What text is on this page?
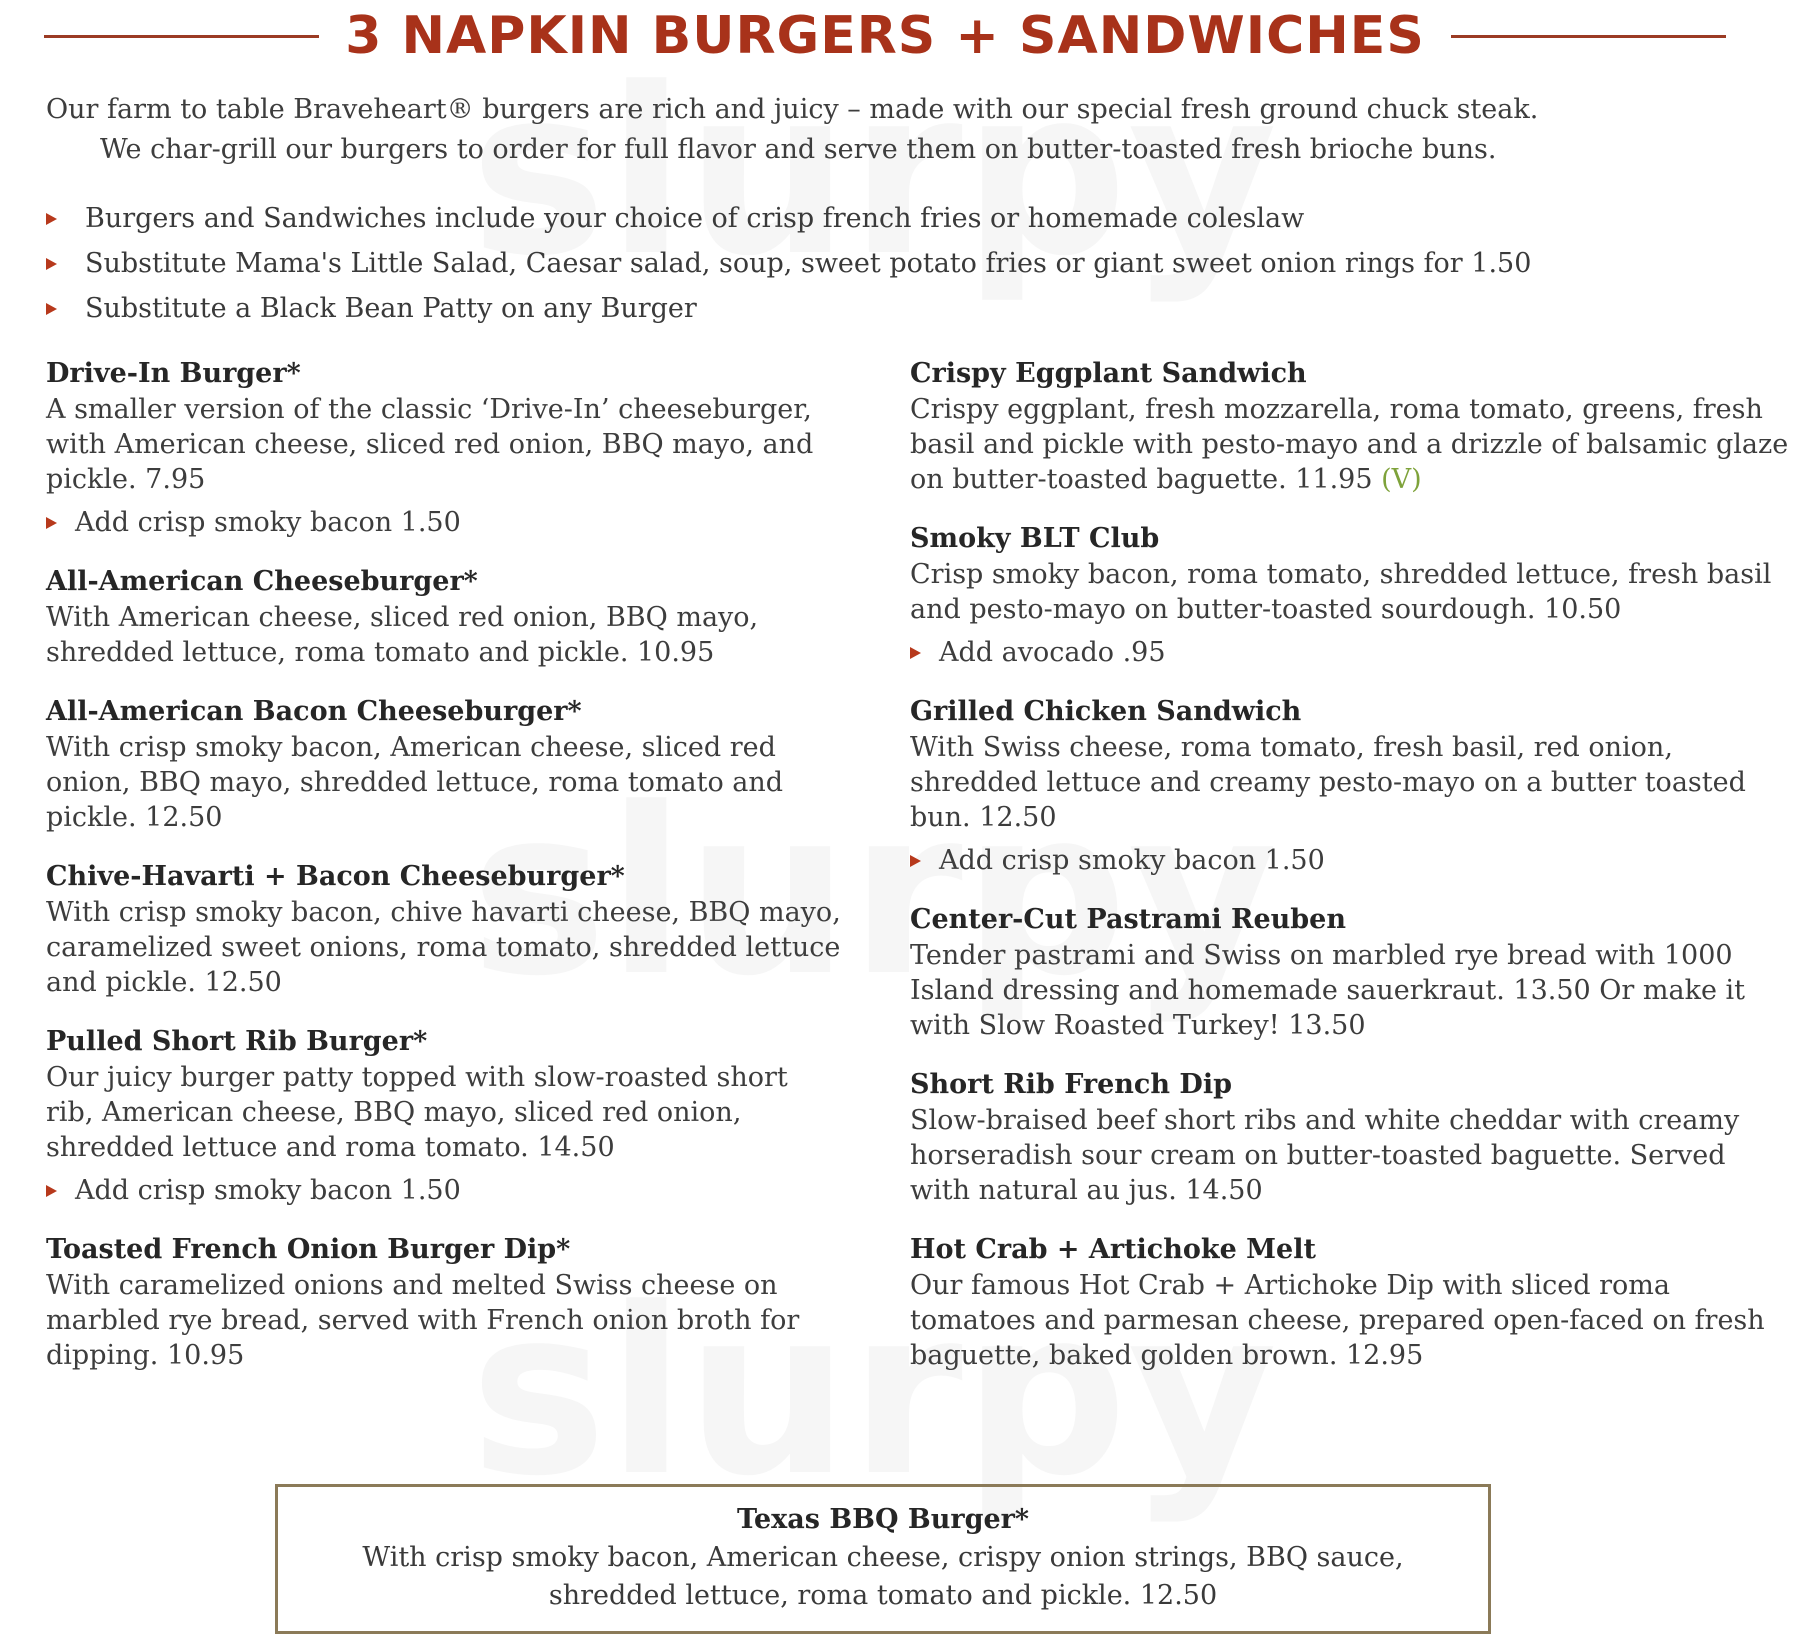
3 NAPKIN BURGERS + SANDWICHES
Our farm to table Braveheart® burgers are rich and juicy – made with our special fresh ground chuck steak.
We char-grill our burgers to order for full flavor and serve them on butter-toasted fresh brioche buns.
Burgers and Sandwiches include your choice of crisp french fries or homemade coleslaw
Substitute Mama's Little Salad, Caesar salad, soup, sweet potato fries or giant sweet onion rings for 1.50
Substitute a Black Bean Patty on any Burger
Drive-In Burger*
A smaller version of the classic ‘Drive-In’ cheeseburger, with American cheese, sliced red onion, BBQ mayo, and pickle. 7.95
Add crisp smoky bacon 1.50
All-American Cheeseburger*
With American cheese, sliced red onion, BBQ mayo, shredded lettuce, roma tomato and pickle. 10.95
All-American Bacon Cheeseburger*
With crisp smoky bacon, American cheese, sliced red onion, BBQ mayo, shredded lettuce, roma tomato and pickle. 12.50
Chive-Havarti + Bacon Cheeseburger*
With crisp smoky bacon, chive havarti cheese, BBQ mayo, caramelized sweet onions, roma tomato, shredded lettuce and pickle. 12.50
Pulled Short Rib Burger*
Our juicy burger patty topped with slow-roasted short rib, American cheese, BBQ mayo, sliced red onion, shredded lettuce and roma tomato. 14.50
Add crisp smoky bacon 1.50
Toasted French Onion Burger Dip*
With caramelized onions and melted Swiss cheese on marbled rye bread, served with French onion broth for dipping. 10.95
Crispy Eggplant Sandwich
Crispy eggplant, fresh mozzarella, roma tomato, greens, fresh basil and pickle with pesto-mayo and a drizzle of balsamic glaze on butter-toasted baguette. 11.95 (V)
Smoky BLT Club
Crisp smoky bacon, roma tomato, shredded lettuce, fresh basil and pesto-mayo on butter-toasted sourdough. 10.50
Add avocado .95
Grilled Chicken Sandwich
With Swiss cheese, roma tomato, fresh basil, red onion, shredded lettuce and creamy pesto-mayo on a butter toasted bun. 12.50
Add crisp smoky bacon 1.50
Center-Cut Pastrami Reuben
Tender pastrami and Swiss on marbled rye bread with 1000 Island dressing and homemade sauerkraut. 13.50 Or make it with Slow Roasted Turkey! 13.50
Short Rib French Dip
Slow-braised beef short ribs and white cheddar with creamy horseradish sour cream on butter-toasted baguette. Served with natural au jus. 14.50
Hot Crab + Artichoke Melt
Our famous Hot Crab + Artichoke Dip with sliced roma tomatoes and parmesan cheese, prepared open-faced on fresh baguette, baked golden brown. 12.95
Texas BBQ Burger*
With crisp smoky bacon, American cheese, crispy onion strings, BBQ sauce,
shredded lettuce, roma tomato and pickle. 12.50
